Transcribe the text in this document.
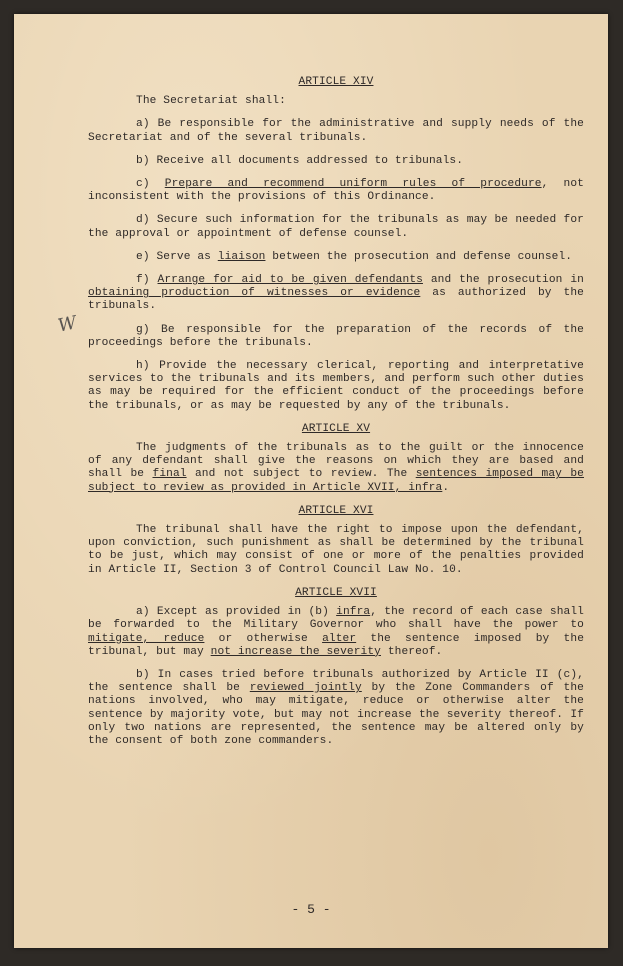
W
ARTICLE XIV

The Secretariat shall:

a) Be responsible for the administrative and supply needs of the Secretariat and of the several tribunals.

b) Receive all documents addressed to tribunals.

c) Prepare and recommend uniform rules of procedure, not inconsistent with the provisions of this Ordinance.

d) Secure such information for the tribunals as may be needed for the approval or appointment of defense counsel.

e) Serve as liaison between the prosecution and defense counsel.

f) Arrange for aid to be given defendants and the prosecution in obtaining production of witnesses or evidence as authorized by the tribunals.

g) Be responsible for the preparation of the records of the proceedings before the tribunals.

h) Provide the necessary clerical, reporting and interpretative services to the tribunals and its members, and perform such other duties as may be required for the efficient conduct of the proceedings before the tribunals, or as may be requested by any of the tribunals.

ARTICLE XV

The judgments of the tribunals as to the guilt or the innocence of any defendant shall give the reasons on which they are based and shall be final and not subject to review. The sentences imposed may be subject to review as provided in Article XVII, infra.

ARTICLE XVI

The tribunal shall have the right to impose upon the defendant, upon conviction, such punishment as shall be determined by the tribunal to be just, which may consist of one or more of the penalties provided in Article II, Section 3 of Control Council Law No. 10.

ARTICLE XVII

a) Except as provided in (b) infra, the record of each case shall be forwarded to the Military Governor who shall have the power to mitigate, reduce or otherwise alter the sentence imposed by the tribunal, but may not increase the severity thereof.

b) In cases tried before tribunals authorized by Article II (c), the sentence shall be reviewed jointly by the Zone Commanders of the nations involved, who may mitigate, reduce or otherwise alter the sentence by majority vote, but may not increase the severity thereof. If only two nations are represented, the sentence may be altered only by the consent of both zone commanders.

- 5 -
